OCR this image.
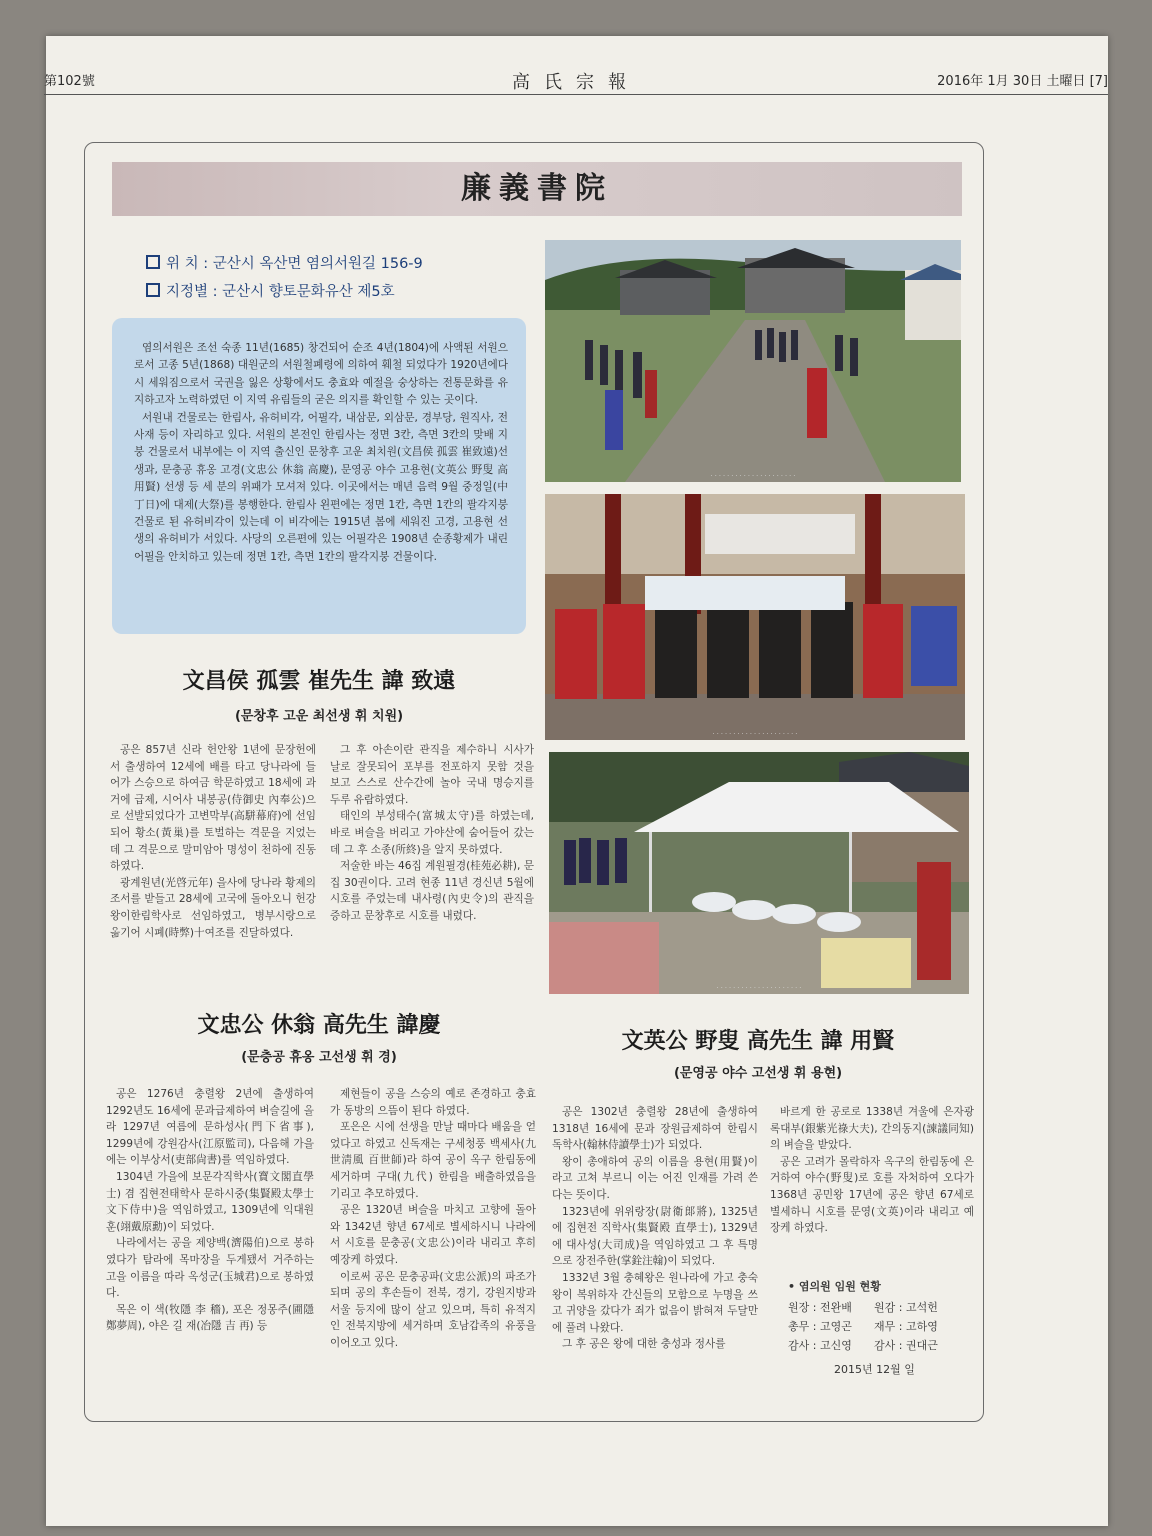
第102號	高氏宗報	2016年 1月 30日 土曜日 [7]
廉義書院
위 치 : 군산시 옥산면 염의서원길 156-9
지정별 : 군산시 향토문화유산 제5호

염의서원은 조선 숙종 11년(1685) 창건되어 순조 4년(1804)에 사액된 서원으로서 고종 5년(1868) 대원군의 서원철폐령에 의하여 훼철 되었다가 1920년에다시 세워짐으로서 국권을 잃은 상황에서도 충효와 예절을 숭상하는 전통문화를 유지하고자 노력하였던 이 지역 유림들의 굳은 의지를 확인할 수 있는 곳이다.

서원내 건물로는 한림사, 유허비각, 어필각, 내삼문, 외삼문, 경부당, 원직사, 전사재 등이 자리하고 있다. 서원의 본전인 한림사는 정면 3칸, 측면 3칸의 맞배 지붕 건물로서 내부에는 이 지역 출신인 문창후 고운 최치원(文昌侯 孤雲 崔致遠)선생과, 문충공 휴옹 고경(文忠公 休翁 高慶), 문영공 야수 고용현(文英公 野叟 高用賢) 선생 등 세 분의 위패가 모셔져 있다. 이곳에서는 매년 음력 9월 중정일(中丁日)에 대제(大祭)를 봉행한다. 한림사 왼편에는 정면 1칸, 측면 1칸의 팔각지붕 건물로 된 유허비각이 있는데 이 비각에는 1915년 봄에 세워진 고경, 고용현 선생의 유허비가 서있다. 사당의 오른편에 있는 어필각은 1908년 순종황제가 내린 어필을 안치하고 있는데 정면 1칸, 측면 1칸의 팔각지붕 건물이다.

文昌侯 孤雲 崔先生 諱 致遠
(문창후 고운 최선생 휘 치원)

공은 857년 신라 헌안왕 1년에 문장헌에서 출생하여 12세에 배를 타고 당나라에 들어가 스승으로 하여금 학문하였고 18세에 과거에 급제, 시어사 내봉공(侍御史 內奉公)으로 선발되었다가 고변막부(高駢幕府)에 선임되어 황소(黃巢)를 토벌하는 격문을 지었는데 그 격문으로 말미암아 명성이 천하에 진동하였다.

광계원년(光啓元年) 을사에 당나라 황제의 조서를 받들고 28세에 고국에 돌아오니 헌강왕이한림학사로 선임하였고, 병부시랑으로 옮기어 시폐(時弊)十여조를 진달하였다.

그 후 아손이란 관직을 제수하니 시사가 날로 잘못되어 포부를 전포하지 못함 것을 보고 스스로 산수간에 놀아 국내 명승지를 두루 유람하였다.

태인의 부성태수(富城太守)를 하였는데, 바로 벼슬을 버리고 가야산에 숨어들어 갔는데 그 후 소종(所終)을 알지 못하였다.

저술한 바는 46집 계원필경(桂苑必耕), 문집 30권이다. 고려 현종 11년 경신년 5월에 시호를 주었는데 내사령(內史令)의 관직을 증하고 문창후로 시호를 내렸다.

文忠公 休翁 高先生 諱慶
(문충공 휴옹 고선생 휘 경)

공은 1276년 충렬왕 2년에 출생하여 1292년도 16세에 문과급제하여 벼슬길에 올라 1297년 여름에 문하성사(門下省事), 1299년에 강원감사(江原監司), 다음해 가을에는 이부상서(吏部尙書)를 역임하였다.

1304년 가을에 보문각직학사(寶文閣直學士) 겸 집현전태학사 문하시중(集賢殿太學士 文下侍中)을 역임하였고, 1309년에 익대원훈(翊戴原勳)이 되었다.

나라에서는 공을 제양백(濟陽伯)으로 봉하였다가 탐라에 목마장을 두게됐서 거주하는 고을 이름을 따라 옥성군(玉城君)으로 봉하였다.

목은 이 색(牧隱 李 穡), 포은 정몽주(圃隱 鄭夢周), 야은 길 재(冶隱 吉 再) 등

제현들이 공을 스승의 예로 존경하고 충효가 동방의 으뜸이 된다 하였다.

포은은 시에 선생을 만날 때마다 배움을 얻었다고 하였고 신독재는 구세청풍 백세사(九世淸風 百世師)라 하여 공이 옥구 한림동에 세거하며 구대(九代) 한림을 배출하였음을 기리고 추모하였다.

공은 1320년 벼슬을 마치고 고향에 돌아와 1342년 향년 67세로 별세하시니 나라에서 시호를 문충공(文忠公)이라 내리고 후히 예장케 하였다.

이로써 공은 문충공파(文忠公派)의 파조가 되며 공의 후손들이 전북, 경기, 강원지방과 서울 등지에 많이 살고 있으며, 특히 유적지인 전북지방에 세거하며 호남갑족의 유풍을 이어오고 있다.

文英公 野叟 高先生 諱 用賢
(문영공 야수 고선생 휘 용현)

공은 1302년 충렬왕 28년에 출생하여 1318년 16세에 문과 장원급제하여 한림시독학사(翰林侍讀學士)가 되었다.

왕이 총애하여 공의 이름을 용현(用賢)이라고 고쳐 부르니 이는 어진 인재를 가려 쓴다는 뜻이다.

1323년에 위위랑장(尉衛郞將), 1325년에 집현전 직학사(集賢殿 直學士), 1329년에 대사성(大司成)을 역임하였고 그 후 특명으로 장전주한(掌銓注翰)이 되었다.

1332년 3월 충혜왕은 원나라에 가고 충숙왕이 복위하자 간신들의 모함으로 누명을 쓰고 귀양을 갔다가 죄가 없음이 밝혀져 두달만에 풀려 나왔다.

그 후 공은 왕에 대한 충성과 정사를

바르게 한 공로로 1338년 겨울에 은자광록대부(銀紫光祿大夫), 간의동지(諫議同知)의 벼슬을 받았다.

공은 고려가 몰락하자 옥구의 한림동에 은거하여 야수(野叟)로 호를 자처하여 오다가 1368년 공민왕 17년에 공은 향년 67세로 별세하니 시호를 문영(文英)이라 내리고 예장케 하였다.

• 염의원 임원 현황
원장 : 전완배 원감 : 고석헌
총무 : 고영곤 재무 : 고하영
감사 : 고신영 감사 : 권대근
2015년 12월 일
. . . . . . . . . . . . . . . . . . . . .
. . . . . . . . . . . . . . . . . . . . .
. . . . . . . . . . . . . . . . . . . . .
